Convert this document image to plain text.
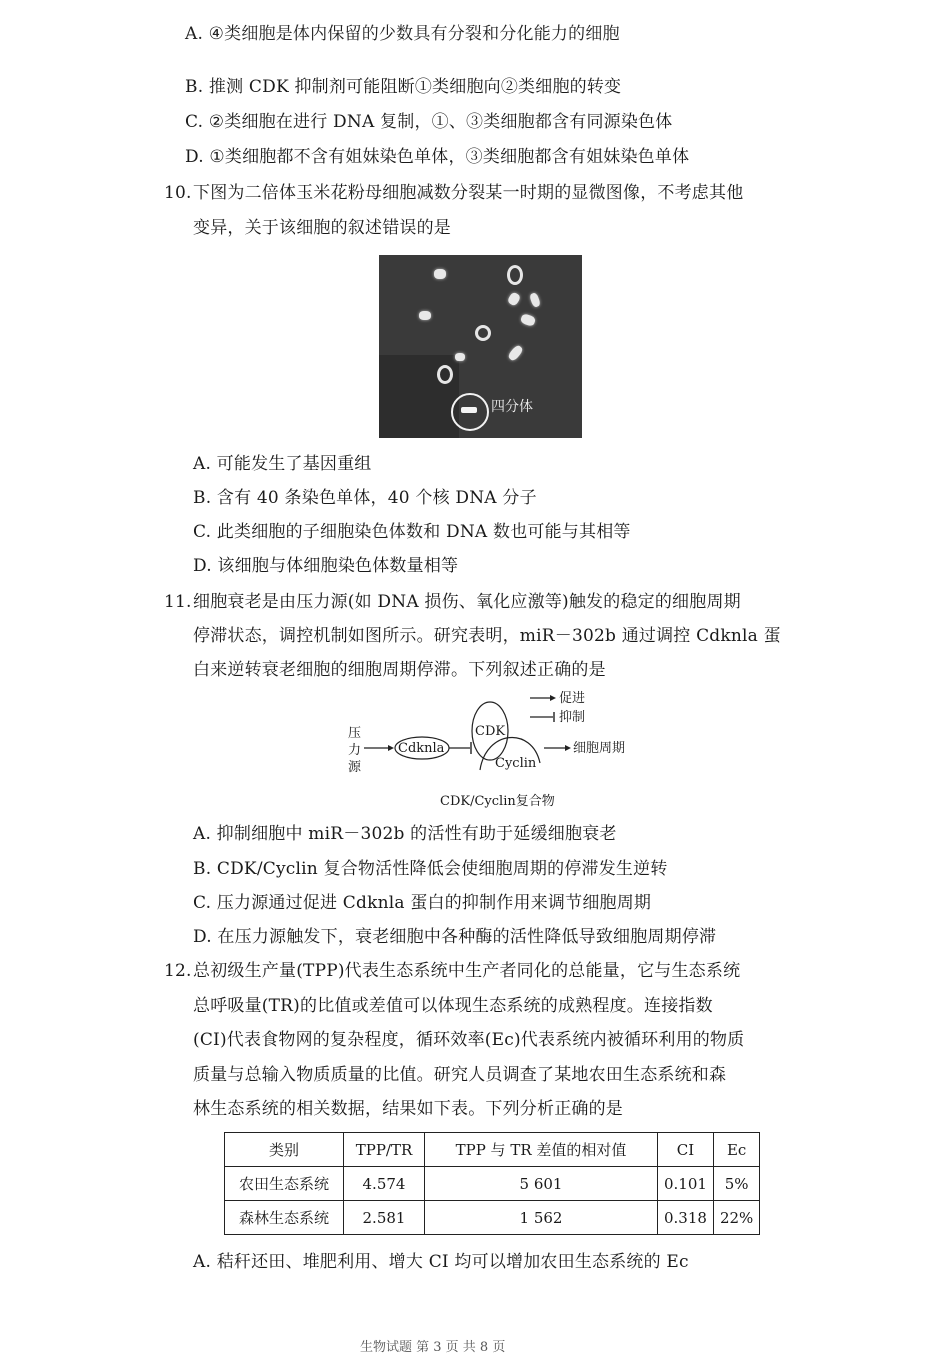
A. ④类细胞是体内保留的少数具有分裂和分化能力的细胞
B. 推测 CDK 抑制剂可能阻断①类细胞向②类细胞的转变
C. ②类细胞在进行 DNA 复制，①、③类细胞都含有同源染色体
D. ①类细胞都不含有姐妹染色单体，③类细胞都含有姐妹染色单体
10. 下图为二倍体玉米花粉母细胞减数分裂某一时期的显微图像，不考虑其他
变异，关于该细胞的叙述错误的是
四分体
A. 可能发生了基因重组
B. 含有 40 条染色单体，40 个核 DNA 分子
C. 此类细胞的子细胞染色体数和 DNA 数也可能与其相等
D. 该细胞与体细胞染色体数量相等
11. 细胞衰老是由压力源(如 DNA 损伤、氧化应激等)触发的稳定的细胞周期
停滞状态，调控机制如图所示。研究表明，miR－302b 通过调控 Cdknla 蛋
白来逆转衰老细胞的细胞周期停滞。下列叙述正确的是
促进
抑制
压
力
源
Cdknla
CDK
Cyclin
细胞周期
CDK/Cyclin复合物
A. 抑制细胞中 miR－302b 的活性有助于延缓细胞衰老
B. CDK/Cyclin 复合物活性降低会使细胞周期的停滞发生逆转
C. 压力源通过促进 Cdknla 蛋白的抑制作用来调节细胞周期
D. 在压力源触发下，衰老细胞中各种酶的活性降低导致细胞周期停滞
12. 总初级生产量(TPP)代表生态系统中生产者同化的总能量，它与生态系统
总呼吸量(TR)的比值或差值可以体现生态系统的成熟程度。连接指数
(CI)代表食物网的复杂程度，循环效率(Ec)代表系统内被循环利用的物质
质量与总输入物质质量的比值。研究人员调查了某地农田生态系统和森
林生态系统的相关数据，结果如下表。下列分析正确的是
类别	TPP/TR	TPP 与 TR 差值的相对值	CI	Ec
农田生态系统	4.574	5 601	0.101	5%
森林生态系统	2.581	1 562	0.318	22%
A. 秸秆还田、堆肥利用、增大 CI 均可以增加农田生态系统的 Ec
生物试题 第 3 页 共 8 页
